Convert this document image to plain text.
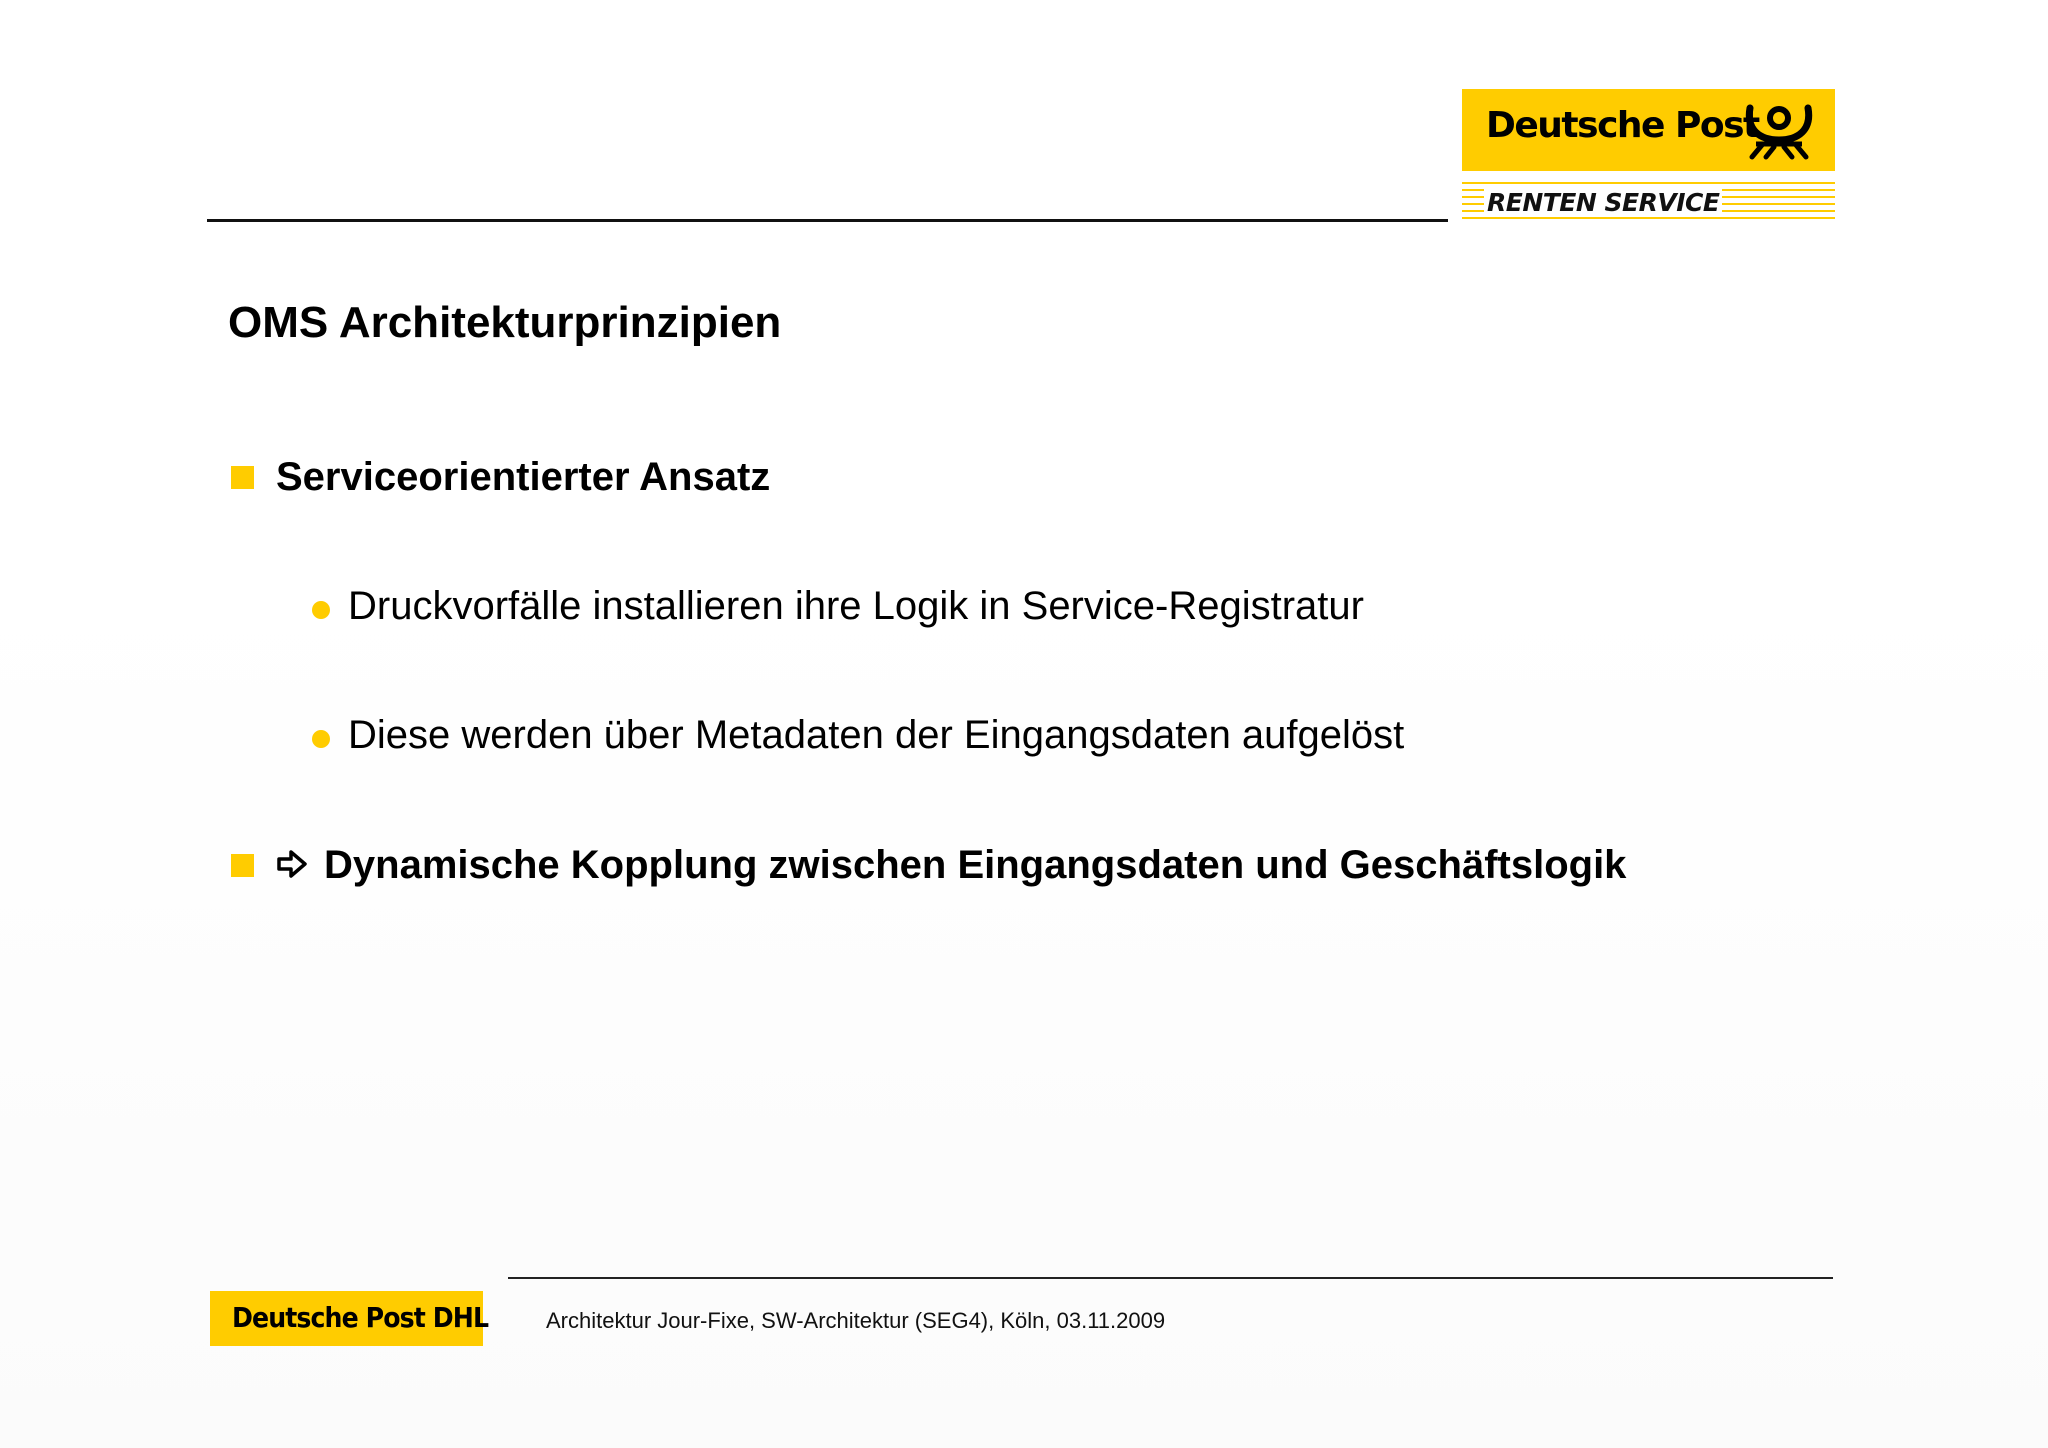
Deutsche Post
RENTEN SERVICE
OMS Architekturprinzipien
Serviceorientierter Ansatz
Druckvorfälle installieren ihre Logik in Service-Registratur
Diese werden über Metadaten der Eingangsdaten aufgelöst
Dynamische Kopplung zwischen Eingangsdaten und Geschäftslogik
Deutsche Post DHL	Architektur Jour-Fixe, SW-Architektur (SEG4), Köln, 03.11.2009
